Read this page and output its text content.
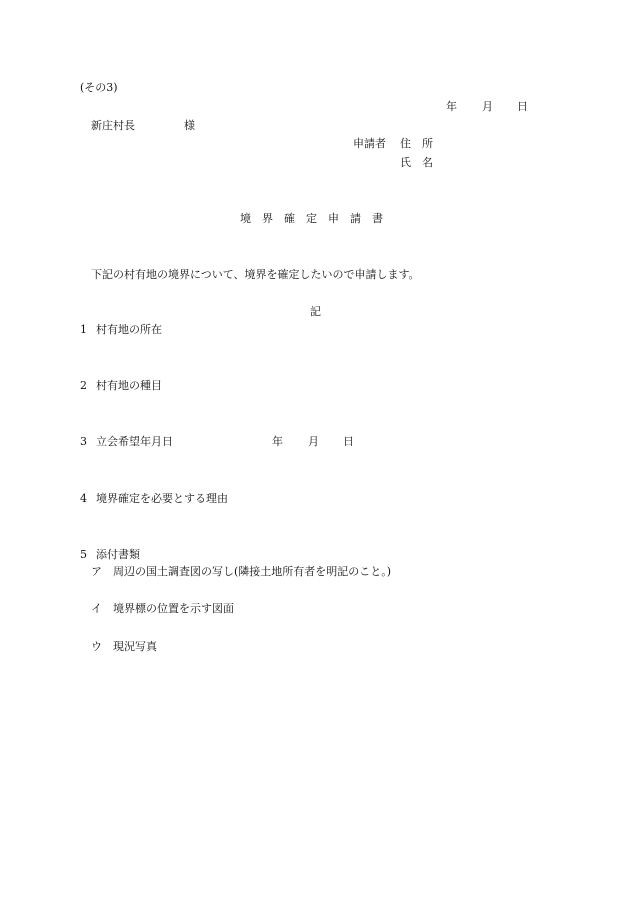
(その3)
年 月 日
新庄村長	様
申請者 住　所
氏　名
境　界　確　定　申　請　書
下記の村有地の境界について、境界を確定したいので申請します。
記
1 村有地の所在
2 村有地の種目
3 立会希望年月日	年 月 日
4 境界確定を必要とする理由
5 添付書類
ア 周辺の国土調査図の写し(隣接土地所有者を明記のこと。)
イ 境界標の位置を示す図面
ウ 現況写真
